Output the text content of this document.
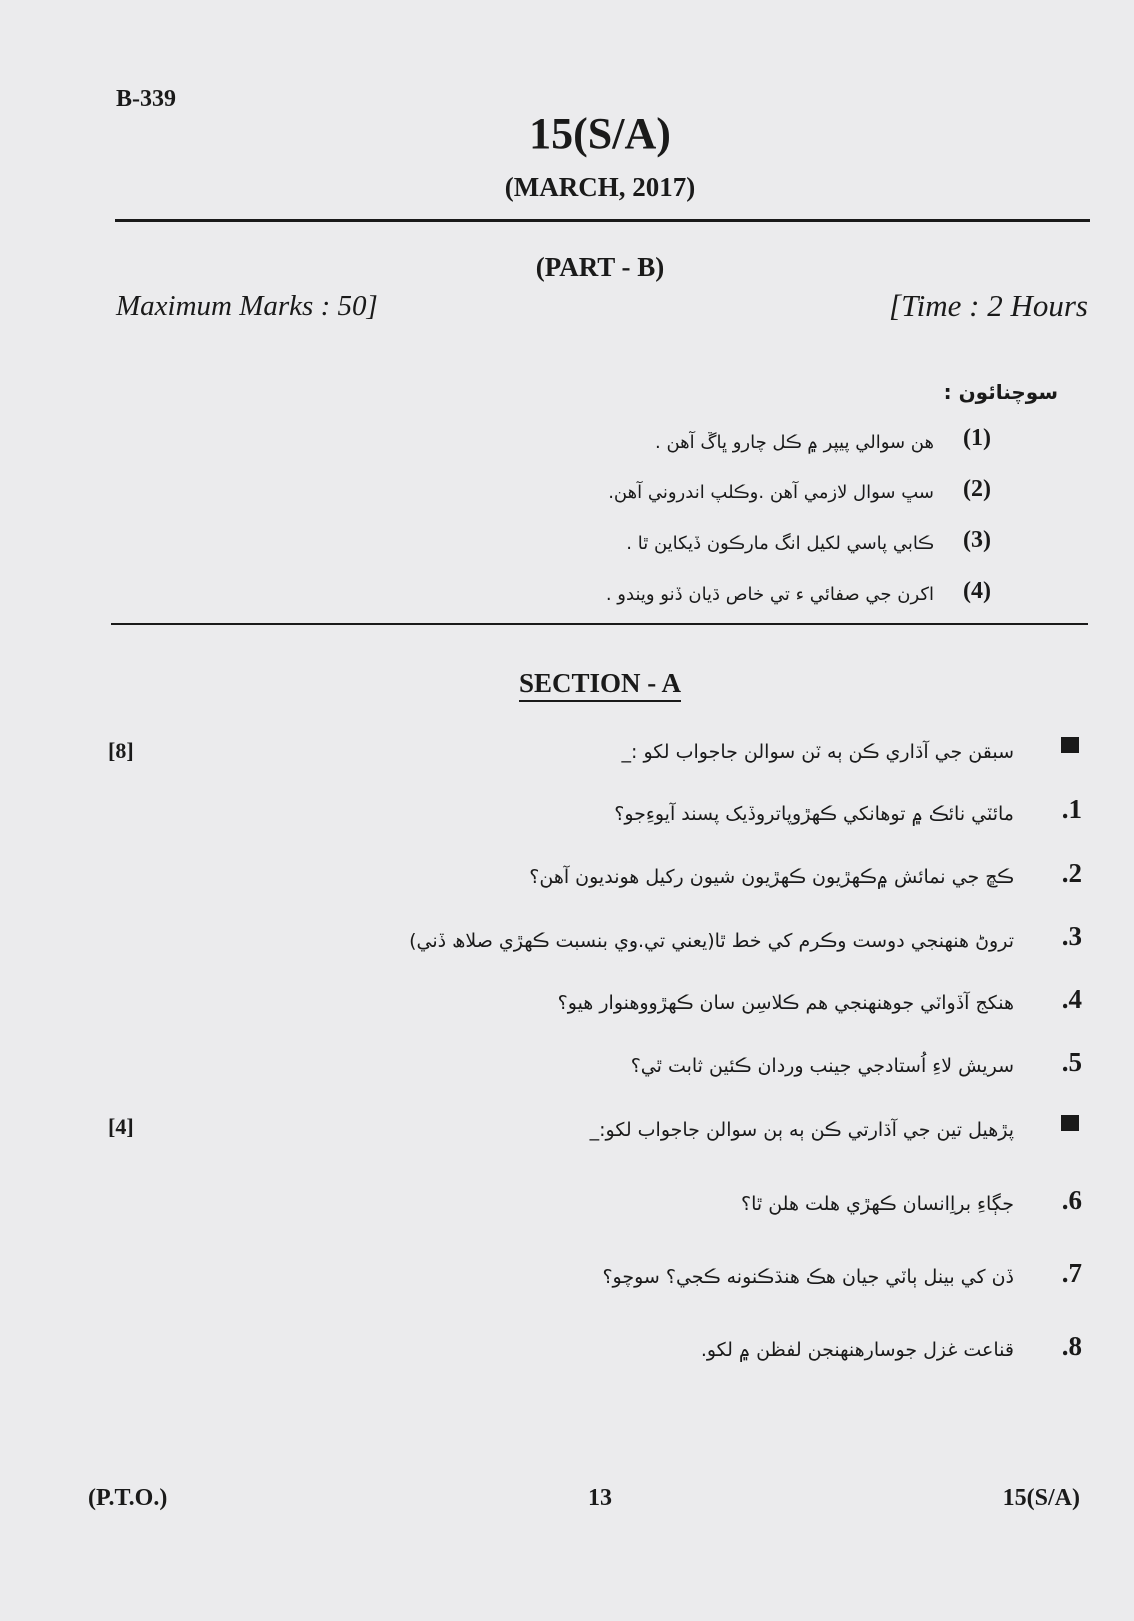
B-339
15(S/A)
(MARCH, 2017)
(PART - B)
Maximum Marks : 50]	[Time : 2 Hours
سوچنائون :
(1)
هن سوالي پيپر ۾ ڪل چارو ڀاڱ آهن .
(2)
سڀ سوال لازمي آهن .وڪلپ اندروني آهن.
(3)
ڪابي پاسي لکيل انگ مارڪون ڏيکاين ٿا .
(4)
اکرن جي صفائي ء تي خاص ڌيان ڏنو ويندو .
SECTION - A
[8]	سبقن جي آڌاري ڪن ٻه ٽن سوالن جاجواب لکو :_
.1
مائٽي نائڪ ۾ توهانکي ڪهڙوپاتروڏيک پسند آيوءِجو؟
.2
ڪڇ جي نمائش ۾ڪهڙيون ڪهڙيون شيون رکيل هونديون آهن؟
.3
تروڻ هنهنجي دوست وڪرم کي خط ٿا(يعني تي.وي بنسبت ڪهڙي صلاھ ڏني)
.4
هنکج آڏواٽي جوهنهنجي هم ڪلاسِن سان ڪهڙووهنوار هيو؟
.5
سريش لاءِ اُستادجي جينب وردان ڪئين ثابت ٿي؟
[4]	پڙهيل تين جي آڌارتي ڪن ٻه ٻن سوالن جاجواب لکو:_
.6
جڳاءِ براِانسان ڪهڙي هلت هلن ٿا؟
.7
ڏن کي بينل ٻاٽي جيان هڪ هنڌڪنونه ڪجي؟ سوچو؟
.8
قناعت غزل جوسارهنهنجن لفظن ۾ لکو.
(P.T.O.)	13	15(S/A)
